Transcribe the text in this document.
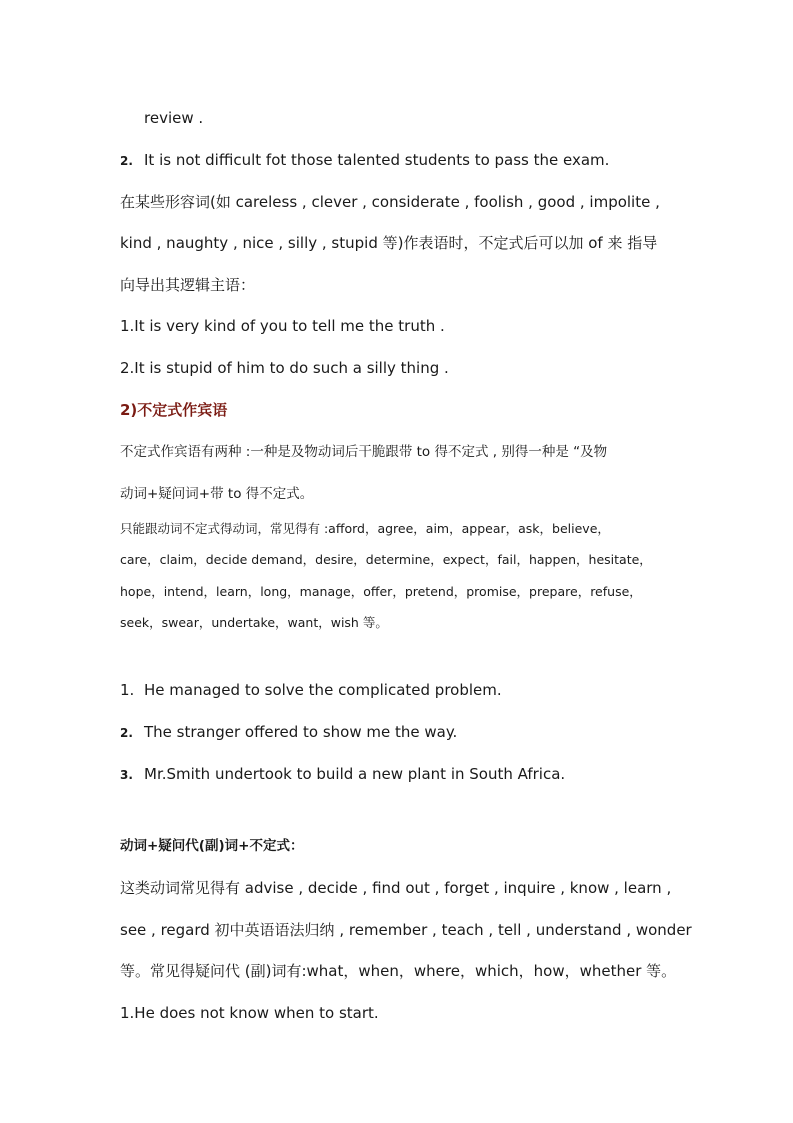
review .
2. It is not difficult fot those talented students to pass the exam.
在某些形容词(如 careless , clever , considerate , foolish , good , impolite ,
kind , naughty , nice , silly , stupid 等)作表语时，不定式后可以加 of 来 指导
向导出其逻辑主语：
1.It is very kind of you to tell me the truth .
2.It is stupid of him to do such a silly thing .
2)不定式作宾语
不定式作宾语有两种 :一种是及物动词后干脆跟带 to 得不定式 , 别得一种是 “及物
动词+疑问词+带 to 得不定式。
只能跟动词不定式得动词，常见得有 :afford，agree，aim，appear，ask，believe，
care，claim，decide demand，desire，determine，expect，fail，happen，hesitate，
hope，intend，learn，long，manage，offer，pretend，promise，prepare，refuse，
seek，swear，undertake，want，wish 等。
1. He managed to solve the complicated problem.
2. The stranger offered to show me the way.
3. Mr.Smith undertook to build a new plant in South Africa.
动词+疑问代(副)词+不定式：
这类动词常见得有 advise , decide , find out , forget , inquire , know , learn ,
see , regard 初中英语语法归纳 , remember , teach , tell , understand , wonder
等。常见得疑问代 (副)词有:what，when，where，which，how，whether 等。
1.He does not know when to start.
